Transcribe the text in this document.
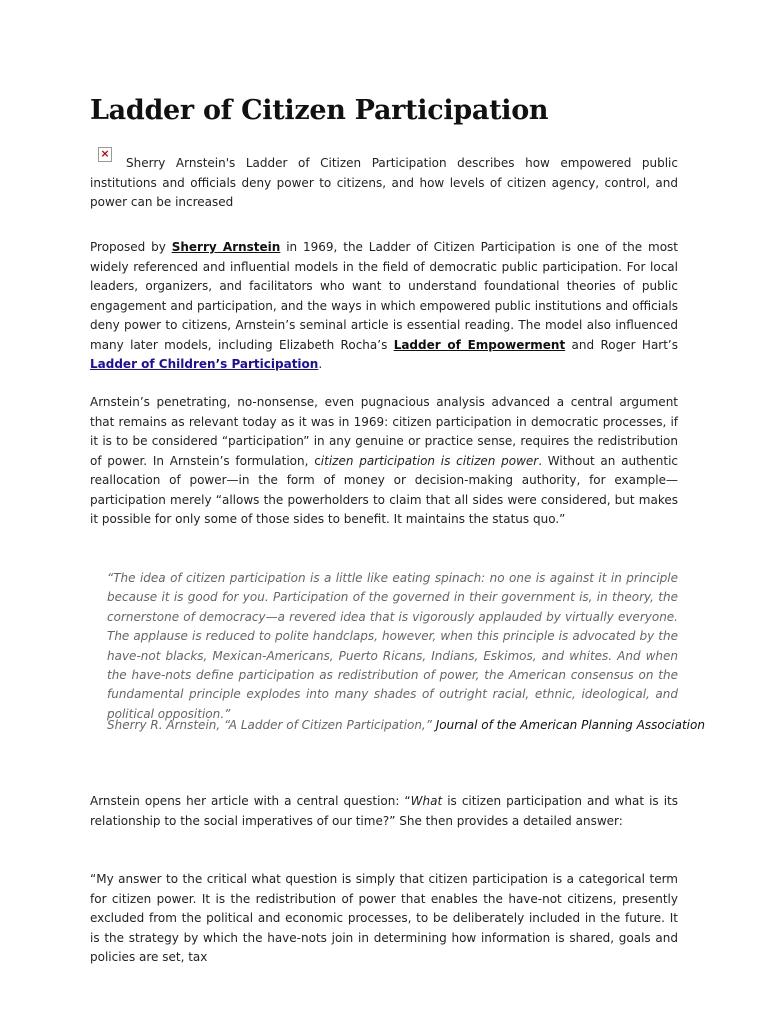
Ladder of Citizen Participation
×

Sherry Arnstein's Ladder of Citizen Participation describes how empowered public institutions and officials deny power to citizens, and how levels of citizen agency, control, and power can be increased

Proposed by Sherry Arnstein in 1969, the Ladder of Citizen Participation is one of the most widely referenced and influential models in the field of democratic public participation. For local leaders, organizers, and facilitators who want to understand foundational theories of public engagement and participation, and the ways in which empowered public institutions and officials deny power to citizens, Arnstein’s seminal article is essential reading. The model also influenced many later models, including Elizabeth Rocha’s Ladder of Empowerment and Roger Hart’s Ladder of Children’s Participation.

Arnstein’s penetrating, no-nonsense, even pugnacious analysis advanced a central argument that remains as relevant today as it was in 1969: citizen participation in democratic processes, if it is to be considered “participation” in any genuine or practice sense, requires the redistribution of power. In Arnstein’s formulation, citizen participation is citizen power. Without an authentic reallocation of power—in the form of money or decision-making authority, for example—participation merely “allows the powerholders to claim that all sides were considered, but makes it possible for only some of those sides to benefit. It maintains the status quo.”

“The idea of citizen participation is a little like eating spinach: no one is against it in principle because it is good for you. Participation of the governed in their government is, in theory, the cornerstone of democracy—a revered idea that is vigorously applauded by virtually everyone. The applause is reduced to polite handclaps, however, when this principle is advocated by the have-not blacks, Mexican-Americans, Puerto Ricans, Indians, Eskimos, and whites. And when the have-nots define participation as redistribution of power, the American consensus on the fundamental principle explodes into many shades of outright racial, ethnic, ideological, and political opposition.”
Sherry R. Arnstein, “A Ladder of Citizen Participation,” Journal of the American Planning Association

Arnstein opens her article with a central question: “What is citizen participation and what is its relationship to the social imperatives of our time?” She then provides a detailed answer:

“My answer to the critical what question is simply that citizen participation is a categorical term for citizen power. It is the redistribution of power that enables the have-not citizens, presently excluded from the political and economic processes, to be deliberately included in the future. It is the strategy by which the have-nots join in determining how information is shared, goals and policies are set, tax
